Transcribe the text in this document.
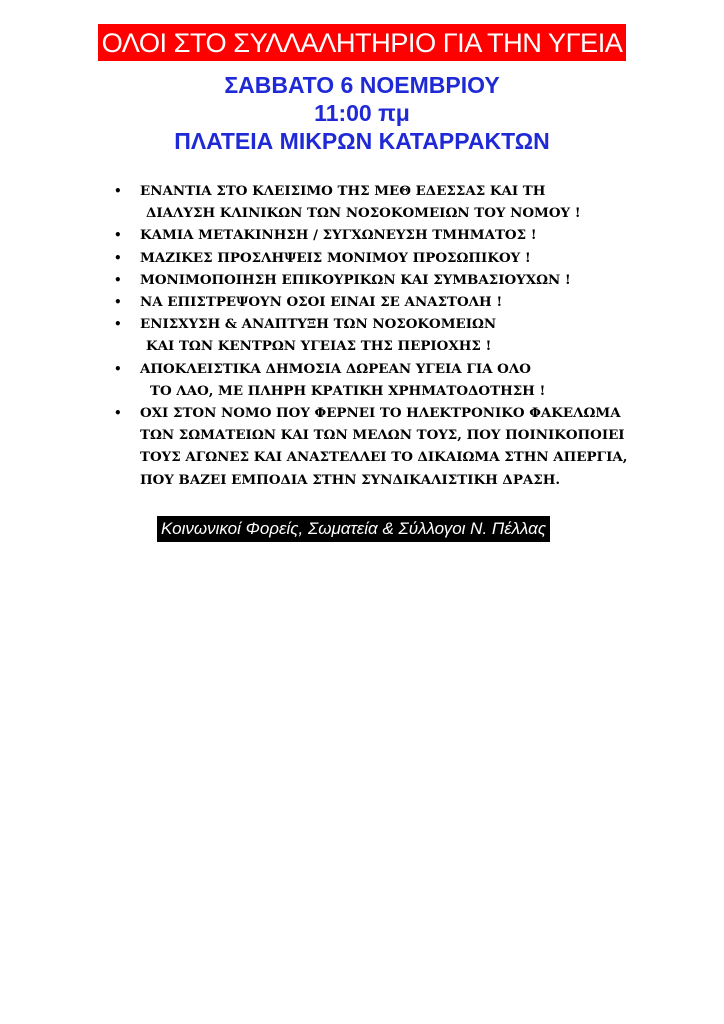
ΟΛΟΙ ΣΤΟ ΣΥΛΛΑΛΗΤΗΡΙΟ ΓΙΑ ΤΗΝ ΥΓΕΙΑ
ΣΑΒΒΑΤΟ 6 ΝΟΕΜΒΡΙΟΥ
11:00 πμ
ΠΛΑΤΕΙΑ ΜΙΚΡΩΝ ΚΑΤΑΡΡΑΚΤΩΝ
• ΕΝΑΝΤΙΑ ΣΤΟ ΚΛΕΙΣΙΜΟ ΤΗΣ ΜΕΘ ΕΔΕΣΣΑΣ ΚΑΙ ΤΗ
ΔΙΑΛΥΣΗ ΚΛΙΝΙΚΩΝ ΤΩΝ ΝΟΣΟΚΟΜΕΙΩΝ ΤΟΥ ΝΟΜΟΥ !
• ΚΑΜΙΑ ΜΕΤΑΚΙΝΗΣΗ / ΣΥΓΧΩΝΕΥΣΗ ΤΜΗΜΑΤΟΣ !
• ΜΑΖΙΚΕΣ ΠΡΟΣΛΗΨΕΙΣ ΜΟΝΙΜΟΥ ΠΡΟΣΩΠΙΚΟΥ !
• ΜΟΝΙΜΟΠΟΙΗΣΗ ΕΠΙΚΟΥΡΙΚΩΝ ΚΑΙ ΣΥΜΒΑΣΙΟΥΧΩΝ !
• ΝΑ ΕΠΙΣΤΡΕΨΟΥΝ ΟΣΟΙ ΕΙΝΑΙ ΣΕ ΑΝΑΣΤΟΛΗ !
• ΕΝΙΣΧΥΣΗ & ΑΝΑΠΤΥΞΗ ΤΩΝ ΝΟΣΟΚΟΜΕΙΩΝ
ΚΑΙ ΤΩΝ ΚΕΝΤΡΩΝ ΥΓΕΙΑΣ ΤΗΣ ΠΕΡΙΟΧΗΣ !
• ΑΠΟΚΛΕΙΣΤΙΚΑ ΔΗΜΟΣΙΑ ΔΩΡΕΑΝ ΥΓΕΙΑ ΓΙΑ ΟΛΟ
ΤΟ ΛΑΟ, ΜΕ ΠΛΗΡΗ ΚΡΑΤΙΚΗ ΧΡΗΜΑΤΟΔΟΤΗΣΗ !
• ΟΧΙ ΣΤΟΝ ΝΟΜΟ ΠΟΥ ΦΕΡΝΕΙ ΤΟ ΗΛΕΚΤΡΟΝΙΚΟ ΦΑΚΕΛΩΜΑ
ΤΩΝ ΣΩΜΑΤΕΙΩΝ ΚΑΙ ΤΩΝ ΜΕΛΩΝ ΤΟΥΣ, ΠΟΥ ΠΟΙΝΙΚΟΠΟΙΕΙ
ΤΟΥΣ ΑΓΩΝΕΣ ΚΑΙ ΑΝΑΣΤΕΛΛΕΙ ΤΟ ΔΙΚΑΙΩΜΑ ΣΤΗΝ ΑΠΕΡΓΙΑ,
ΠΟΥ ΒΑΖΕΙ ΕΜΠΟΔΙΑ ΣΤΗΝ ΣΥΝΔΙΚΑΛΙΣΤΙΚΗ ΔΡΑΣΗ.
Κοινωνικοί Φορείς, Σωματεία & Σύλλογοι Ν. Πέλλας
